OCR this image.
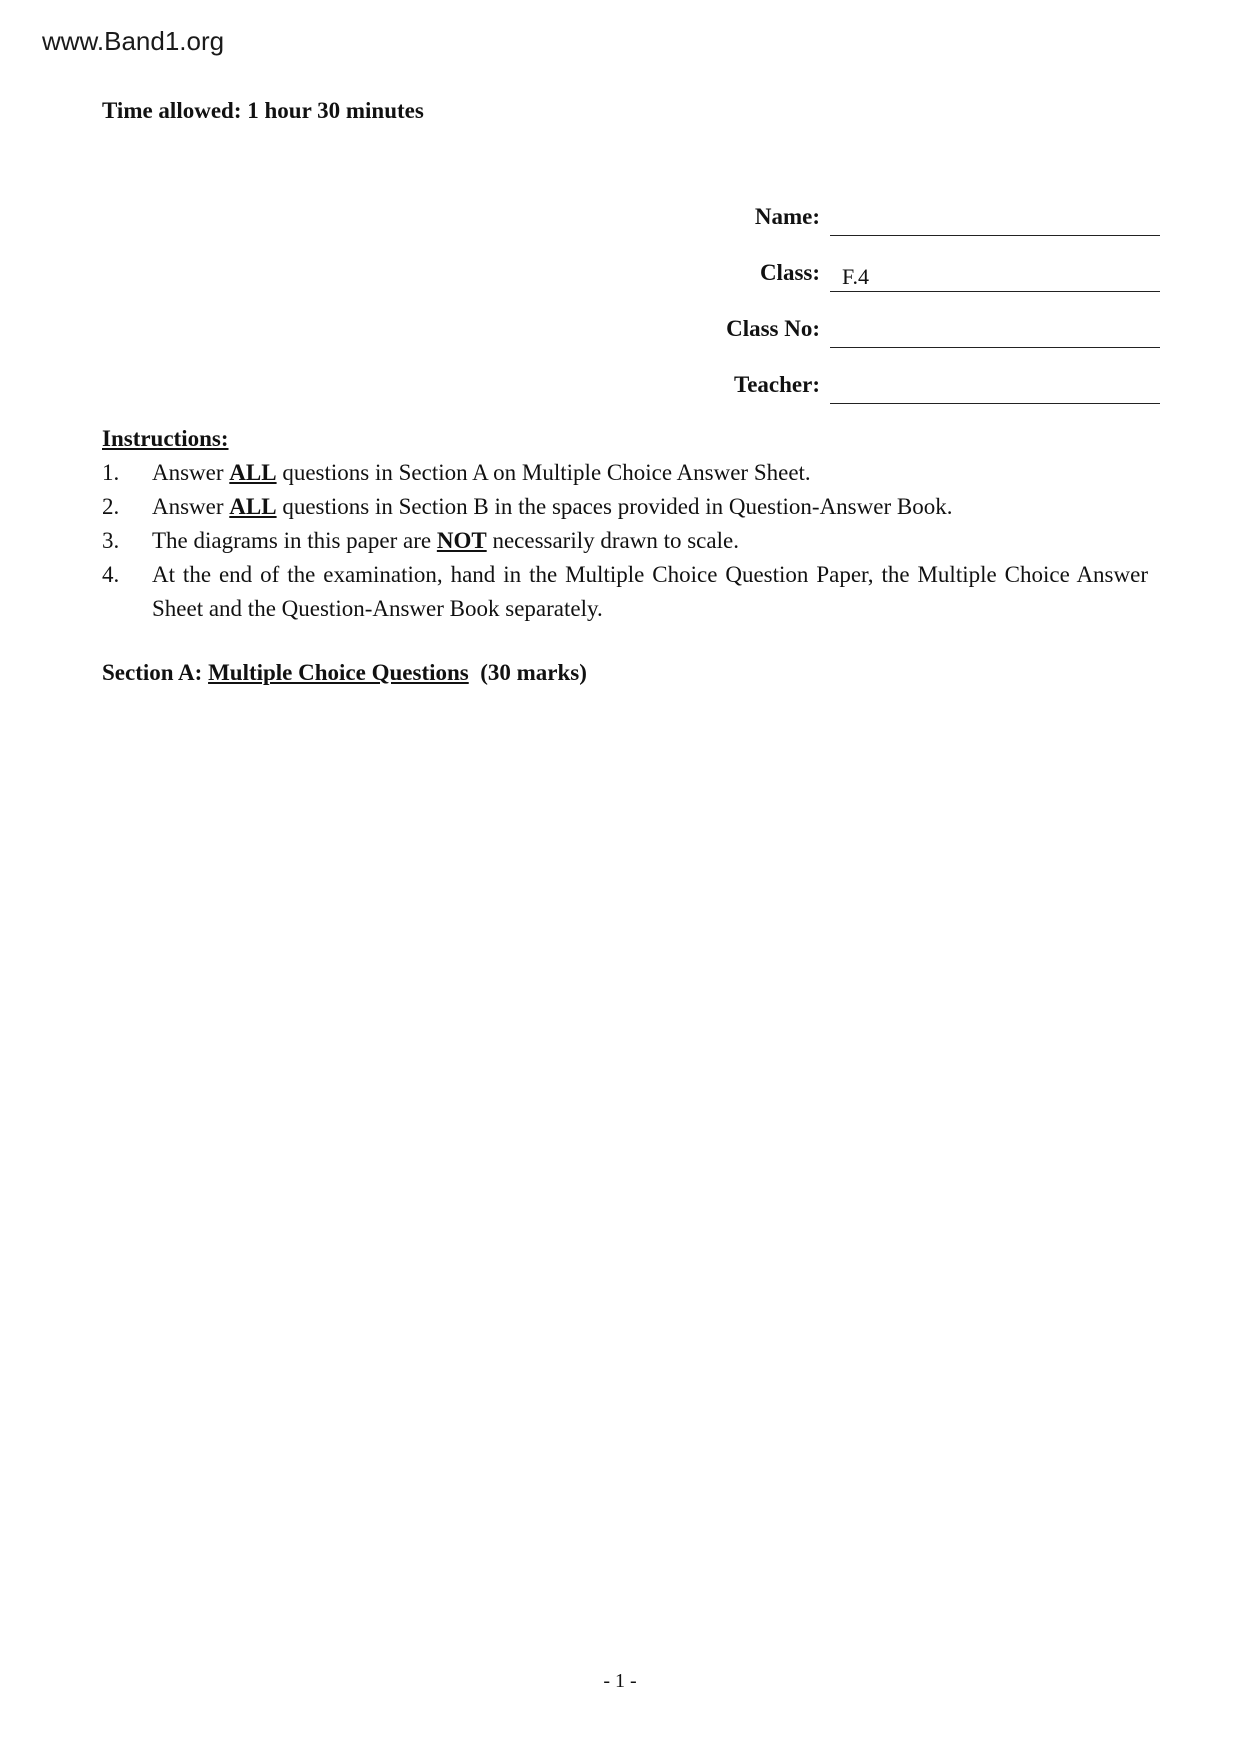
www.Band1.org
Time allowed: 1 hour 30 minutes
Name:
Class:	F.4
Class No:
Teacher:
Instructions:
1.	Answer ALL questions in Section A on Multiple Choice Answer Sheet.
2.	Answer ALL questions in Section B in the spaces provided in Question-Answer Book.
3.	The diagrams in this paper are NOT necessarily drawn to scale.
4.	At the end of the examination, hand in the Multiple Choice Question Paper, the Multiple Choice Answer Sheet and the Question-Answer Book separately.
Section A: Multiple Choice Questions (30 marks)
- 1 -
